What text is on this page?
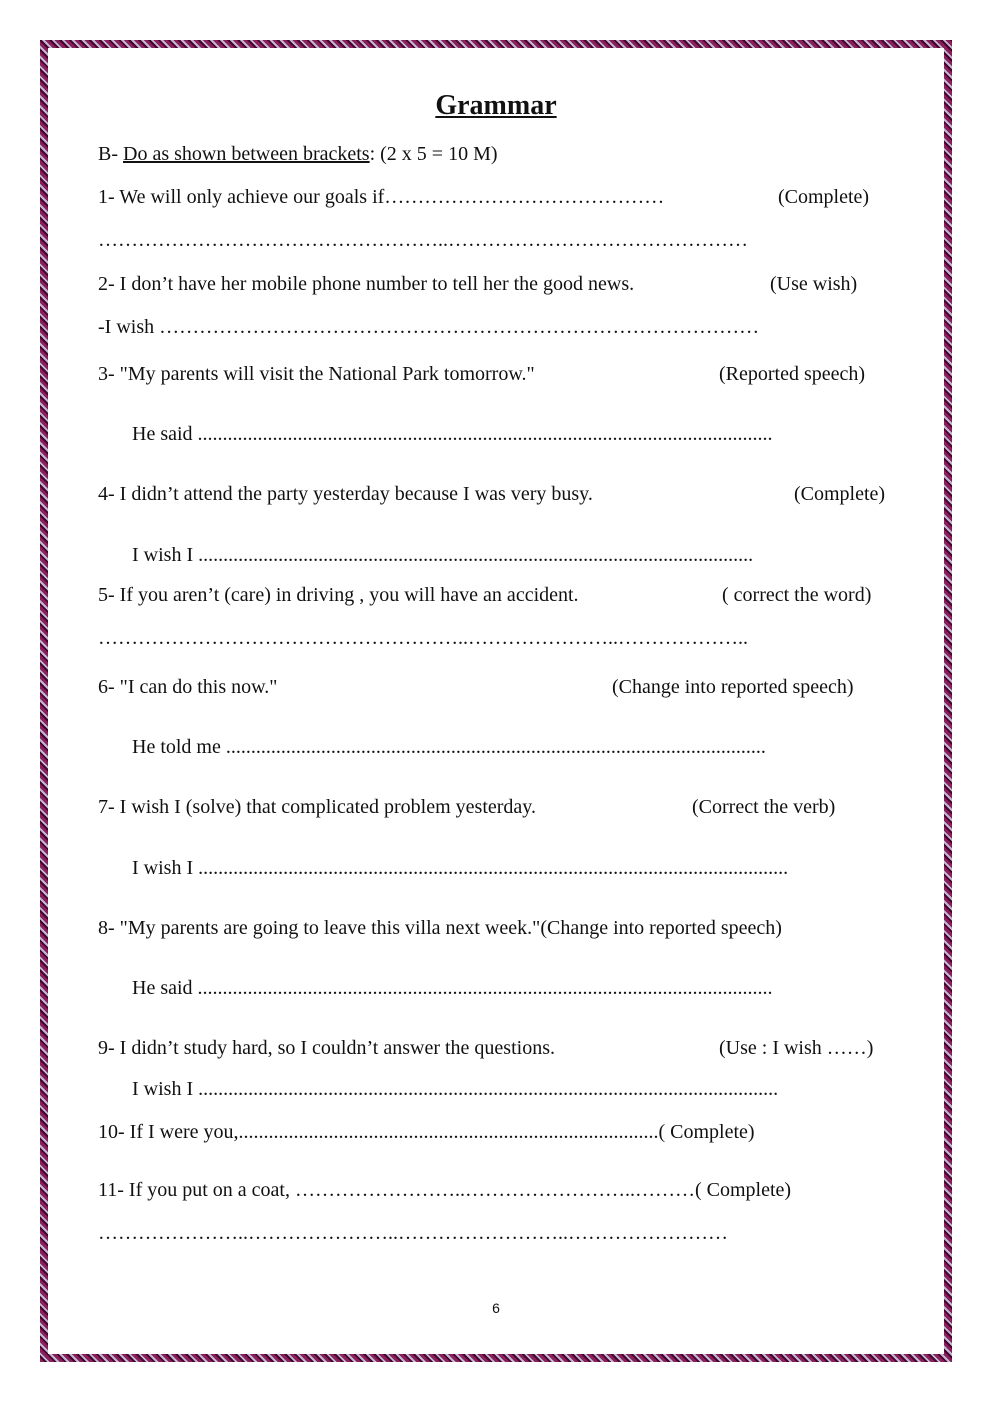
Grammar
B- Do as shown between brackets: (2 x 5 = 10 M)
1- We will only achieve our goals if……………………………………	(Complete)
……………………………………………..………………………………………
2- I don’t have her mobile phone number to tell her the good news.	(Use wish)
-I wish ………………………………………………………………………………
3- "My parents will visit the National Park tomorrow."	(Reported speech)
He said ...................................................................................................................
4- I didn’t attend the party yesterday because I was very busy.	(Complete)
I wish I ...............................................................................................................
5- If you aren’t (care) in driving , you will have an accident.	( correct the word)
………………………………………………..…………………..………………..
6- "I can do this now."	(Change into reported speech)
He told me ............................................................................................................
7- I wish I (solve) that complicated problem yesterday.	(Correct the verb)
I wish I ......................................................................................................................
8- "My parents are going to leave this villa next week."(Change into reported speech)
He said ...................................................................................................................
9- I didn’t study hard, so I couldn’t answer the questions.	(Use : I wish ……)
I wish I ....................................................................................................................
10- If I were you,....................................................................................( Complete)
11- If you put on a coat, ……………………..……………………..………( Complete)
…………………..…………………..……………………..……………………
6
